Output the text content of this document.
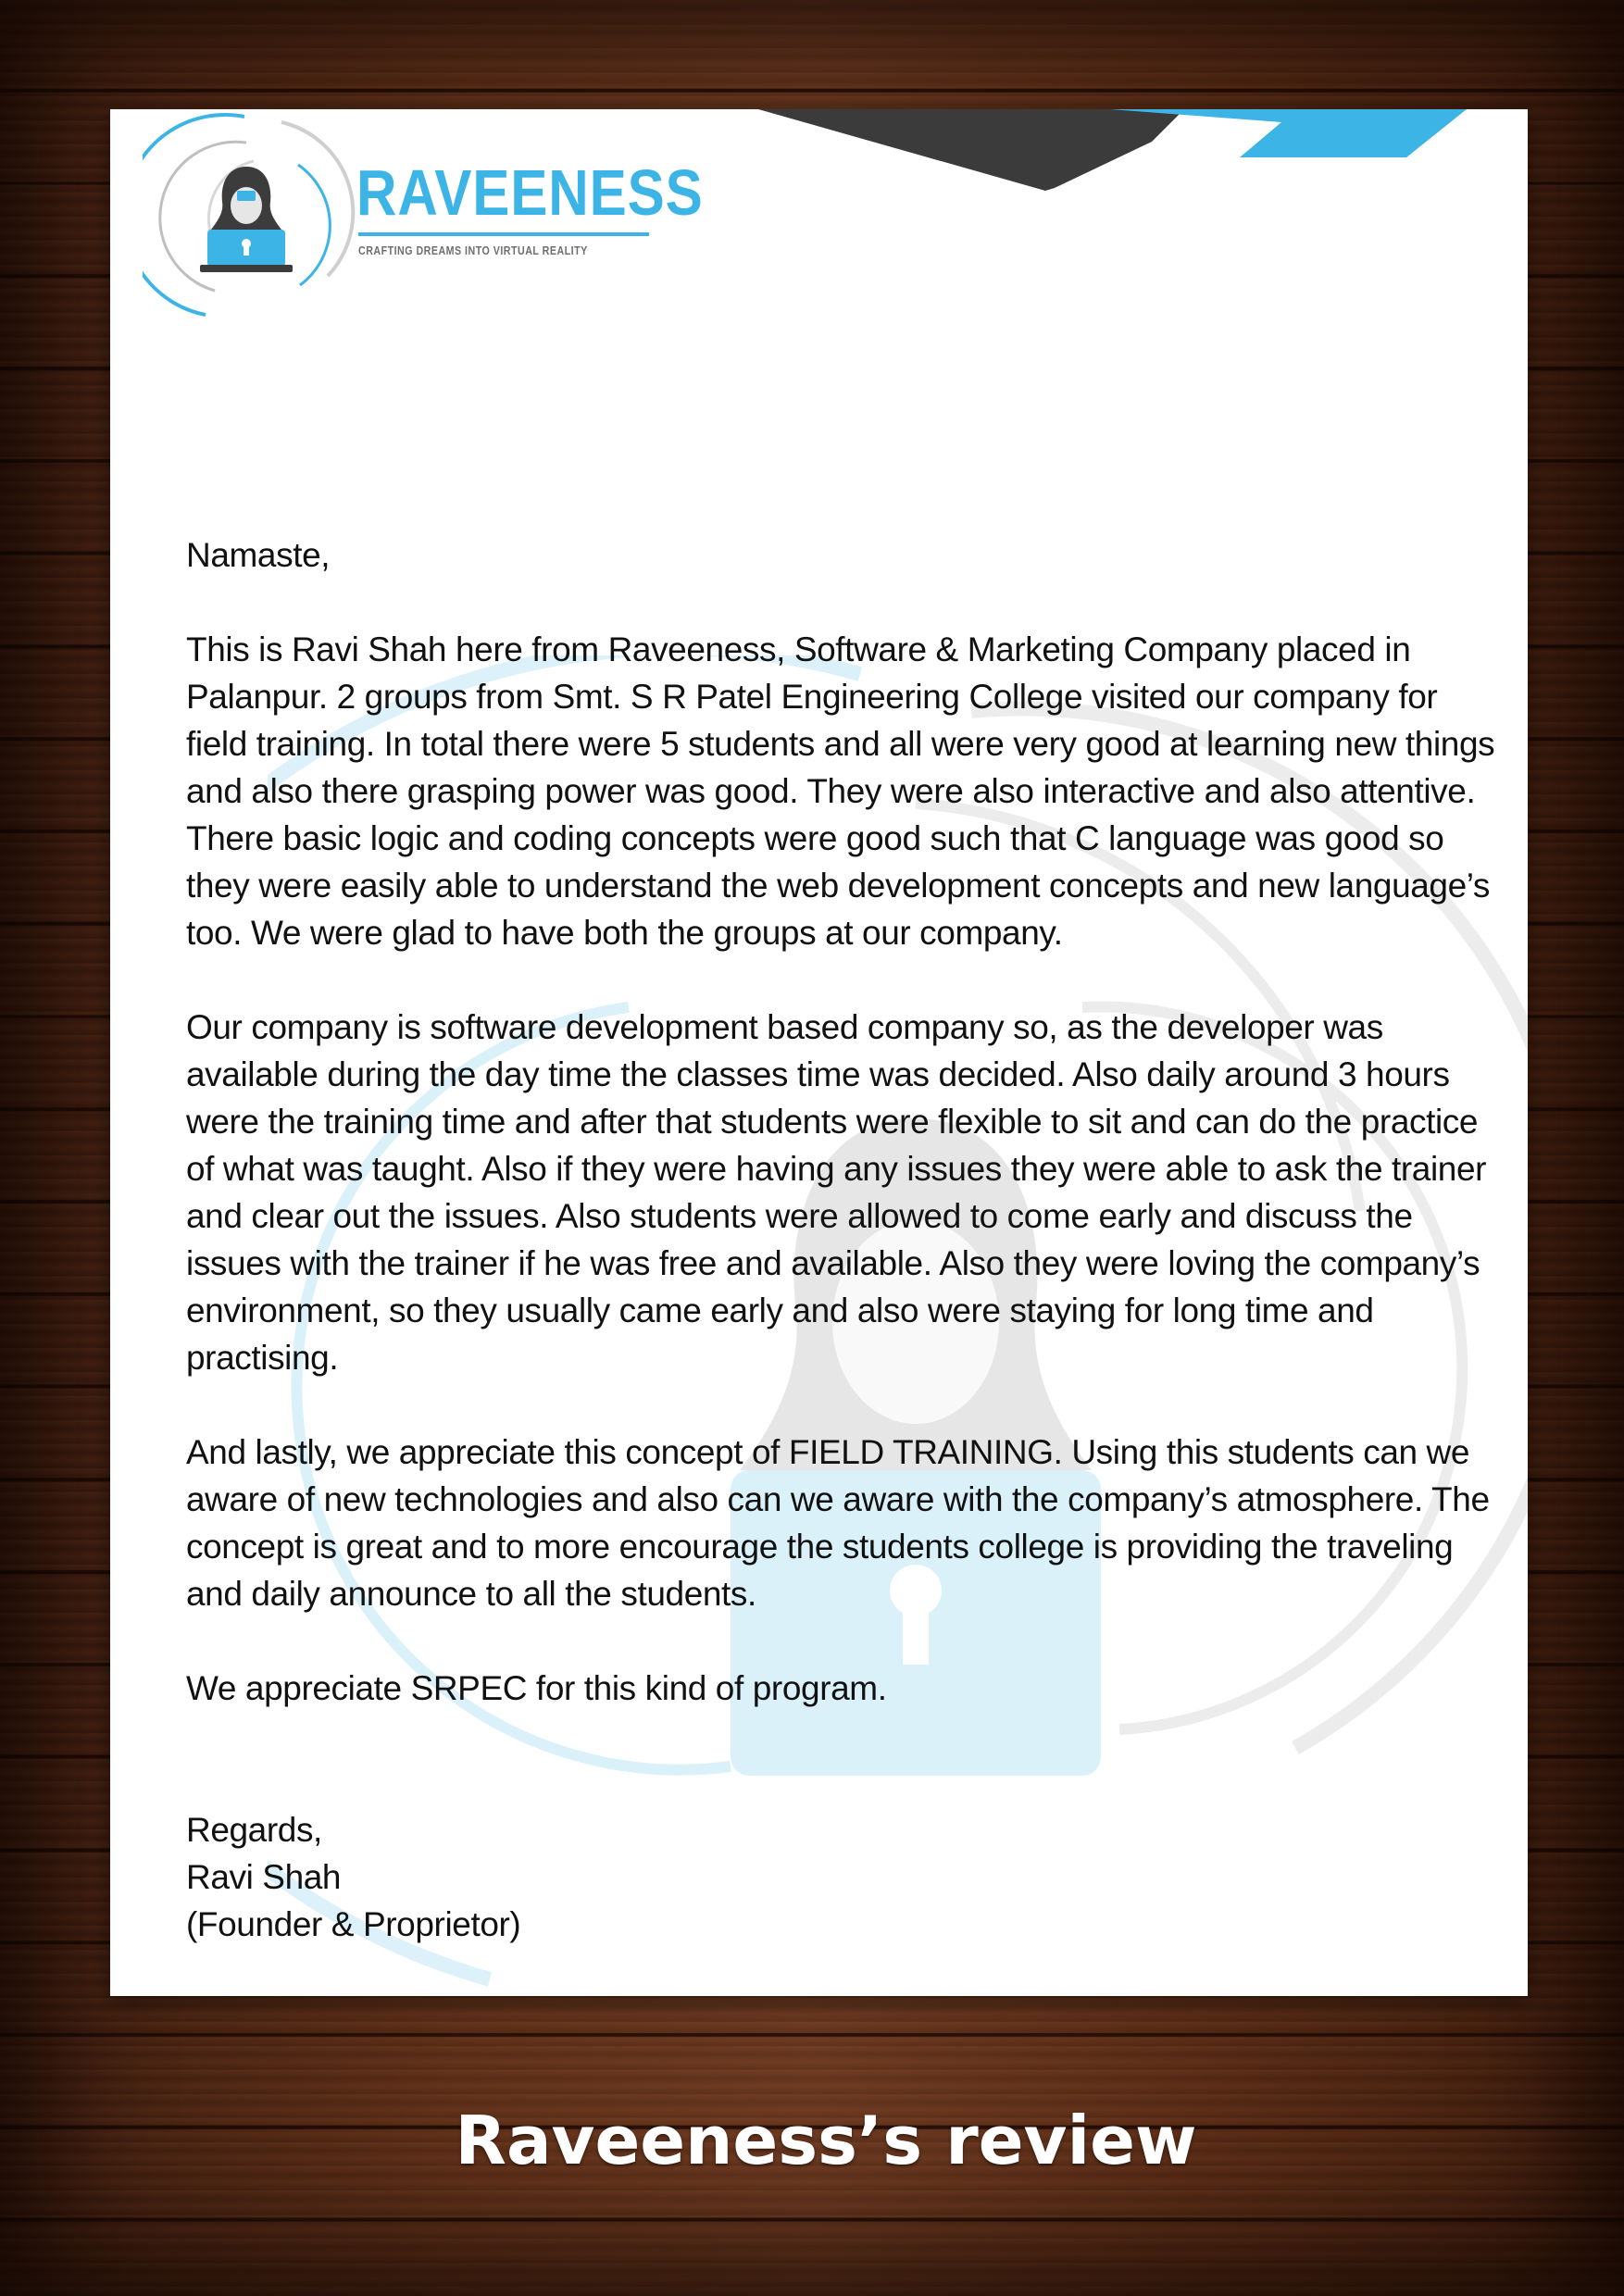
RAVEENESS
CRAFTING DREAMS INTO VIRTUAL REALITY

Namaste,

This is Ravi Shah here from Raveeness, Software & Marketing Company placed in Palanpur. 2 groups from Smt. S R Patel Engineering College visited our company for field training. In total there were 5 students and all were very good at learning new things and also there grasping power was good. They were also interactive and also attentive. There basic logic and coding concepts were good such that C language was good so they were easily able to understand the web development concepts and new language’s too. We were glad to have both the groups at our company.

Our company is software development based company so, as the developer was available during the day time the classes time was decided. Also daily around 3 hours were the training time and after that students were flexible to sit and can do the practice of what was taught. Also if they were having any issues they were able to ask the trainer and clear out the issues. Also students were allowed to come early and discuss the issues with the trainer if he was free and available. Also they were loving the company’s environment, so they usually came early and also were staying for long time and practising.

And lastly, we appreciate this concept of FIELD TRAINING. Using this students can we aware of new technologies and also can we aware with the company’s atmosphere. The concept is great and to more encourage the students college is providing the traveling and daily announce to all the students.

We appreciate SRPEC for this kind of program.

Regards,
Ravi Shah
(Founder & Proprietor)
Raveeness’s review
